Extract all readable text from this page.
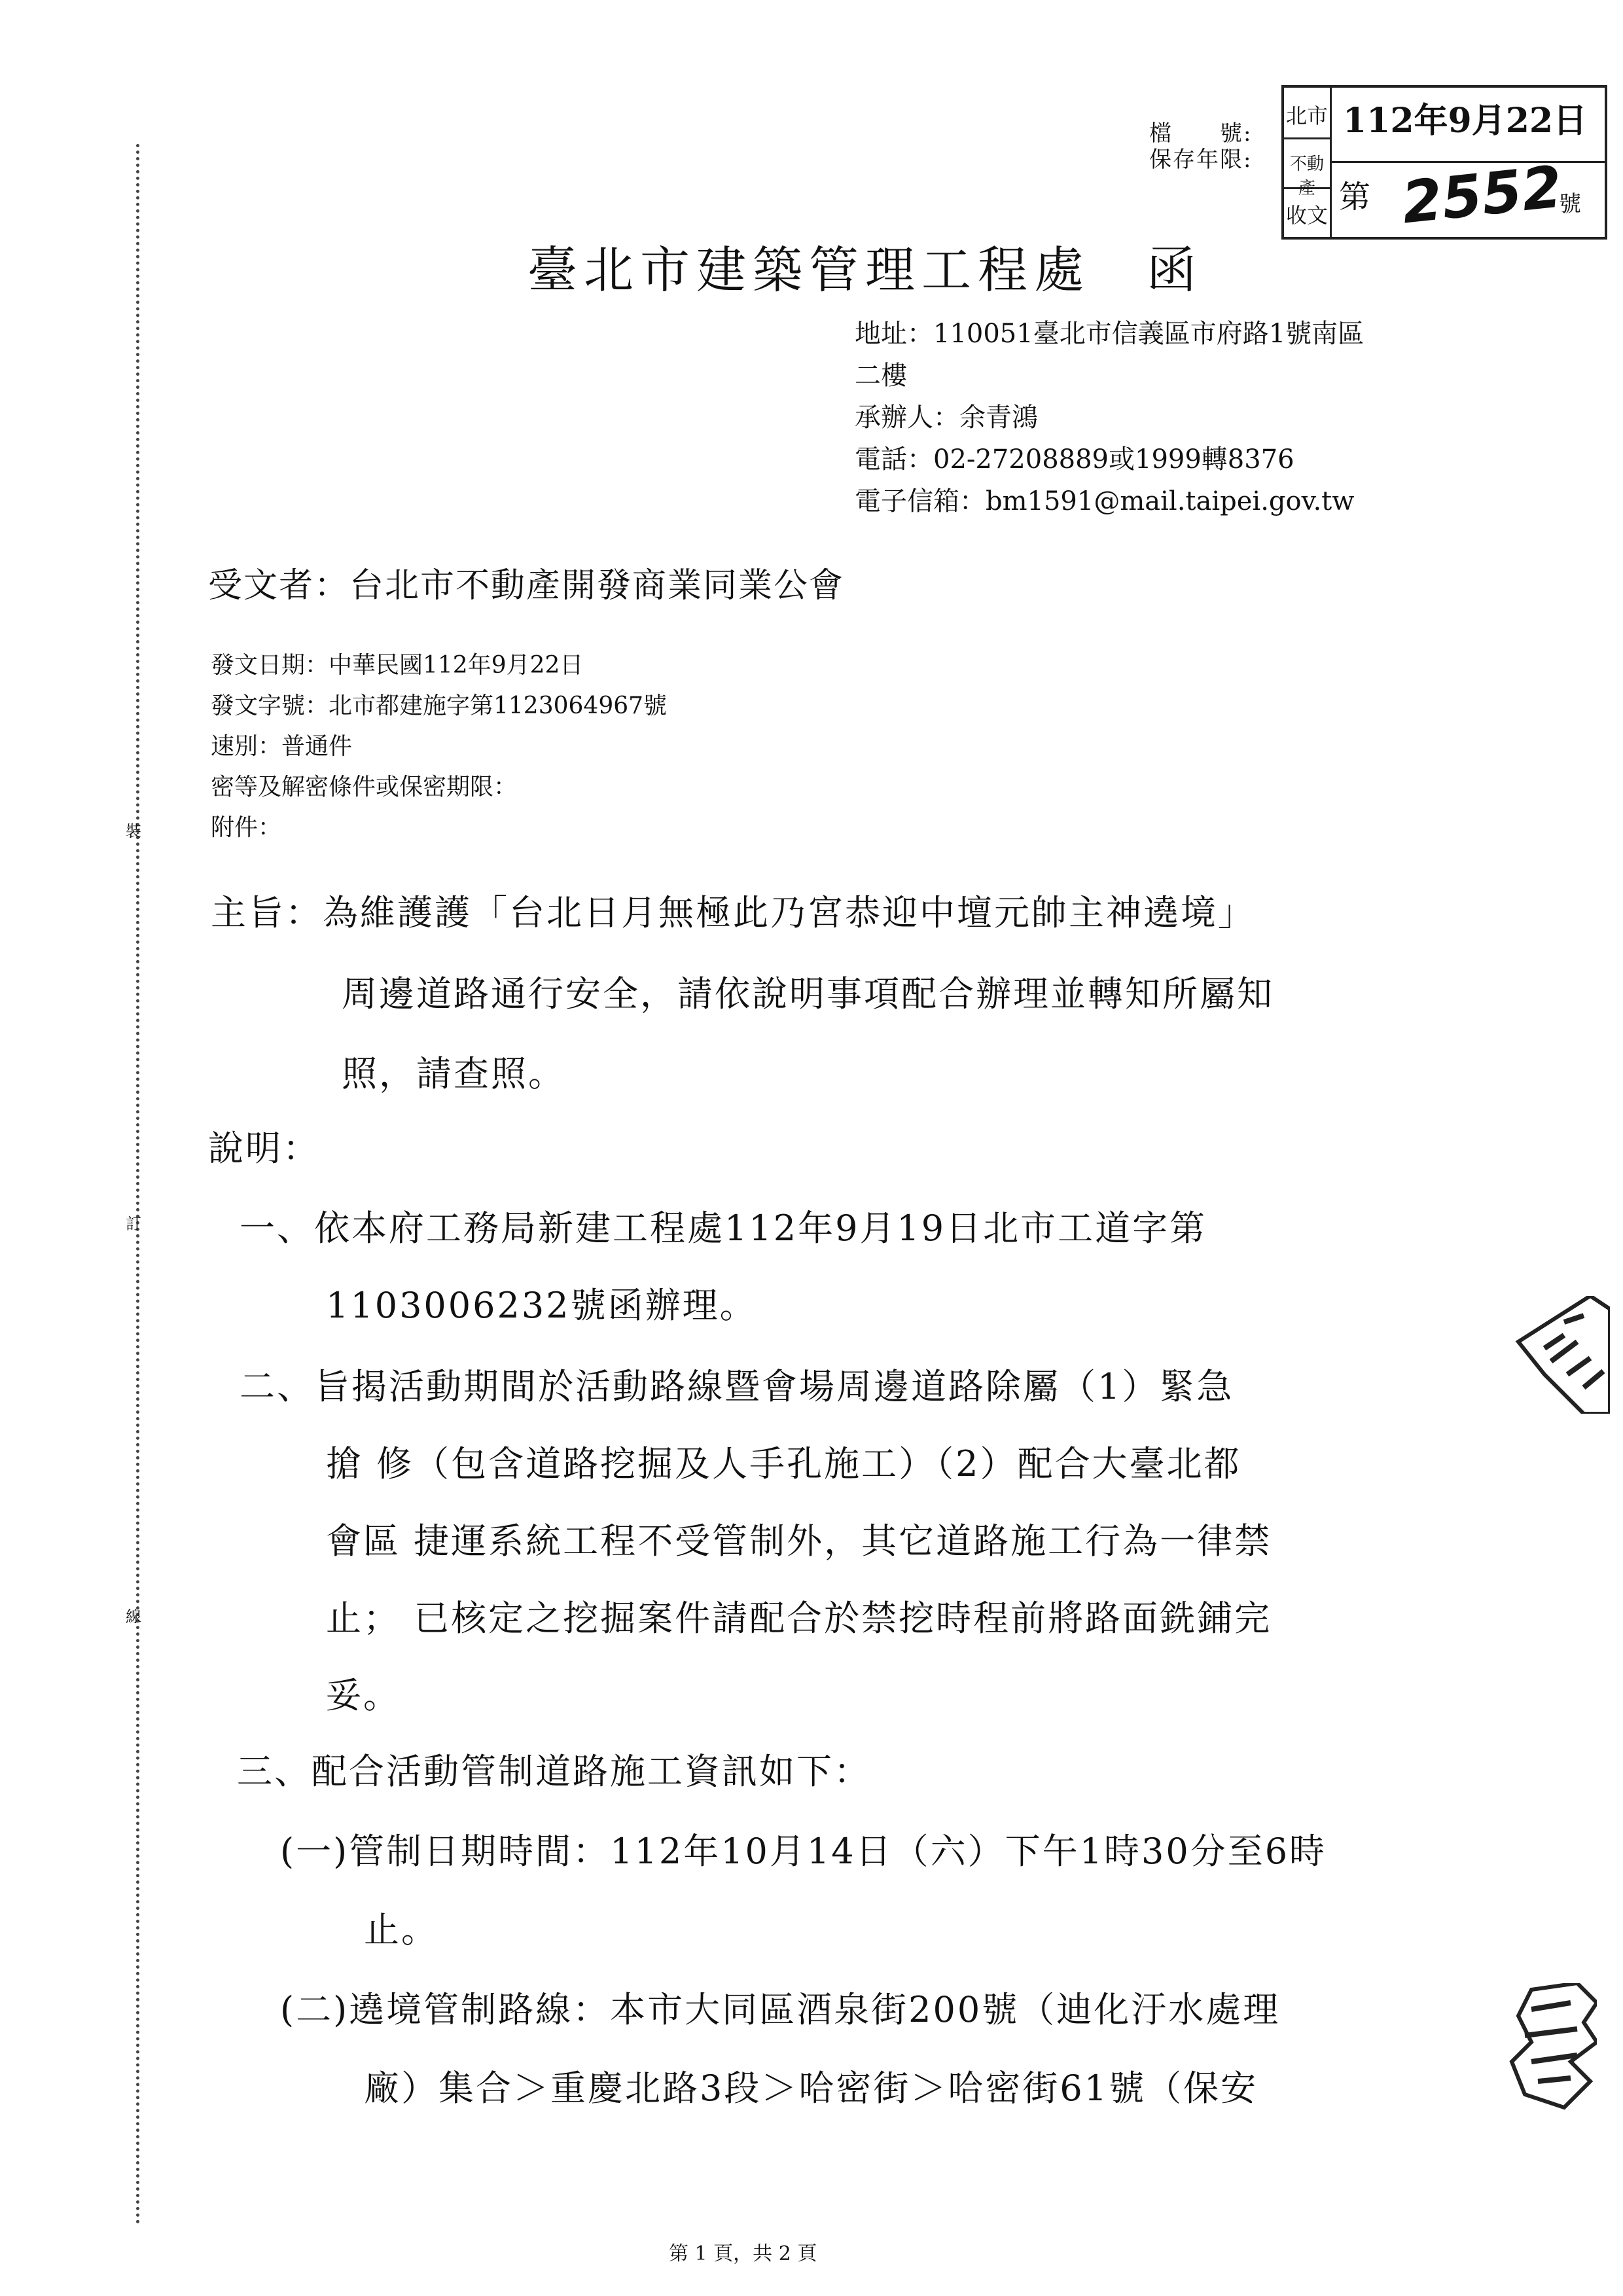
裝
訂
線
檔　　號:
保存年限:
北市
不動產
收文
112年9月22日
第 2552
號
臺北市建築管理工程處　函
地址：110051臺北市信義區市府路1號南區
二樓
承辦人：余青鴻
電話：02-27208889或1999轉8376
電子信箱：bm1591@mail.taipei.gov.tw
受文者：台北市不動產開發商業同業公會
發文日期：中華民國112年9月22日
發文字號：北市都建施字第1123064967號
速別：普通件
密等及解密條件或保密期限：
附件：
主旨：為維護護「台北日月無極此乃宮恭迎中壇元帥主神遶境」
周邊道路通行安全，請依說明事項配合辦理並轉知所屬知
照，請查照。
說明：
一、依本府工務局新建工程處112年9月19日北市工道字第
1103006232號函辦理。
二、旨揭活動期間於活動路線暨會場周邊道路除屬（1）緊急
搶 修（包含道路挖掘及人手孔施工）（2）配合大臺北都
會區 捷運系統工程不受管制外，其它道路施工行為一律禁
止； 已核定之挖掘案件請配合於禁挖時程前將路面銑鋪完
妥。
三、配合活動管制道路施工資訊如下：
(一)管制日期時間：112年10月14日（六）下午1時30分至6時
止。
(二)遶境管制路線：本市大同區酒泉街200號（迪化汙水處理
廠）集合＞重慶北路3段＞哈密街＞哈密街61號（保安
第 1 頁，共 2 頁
